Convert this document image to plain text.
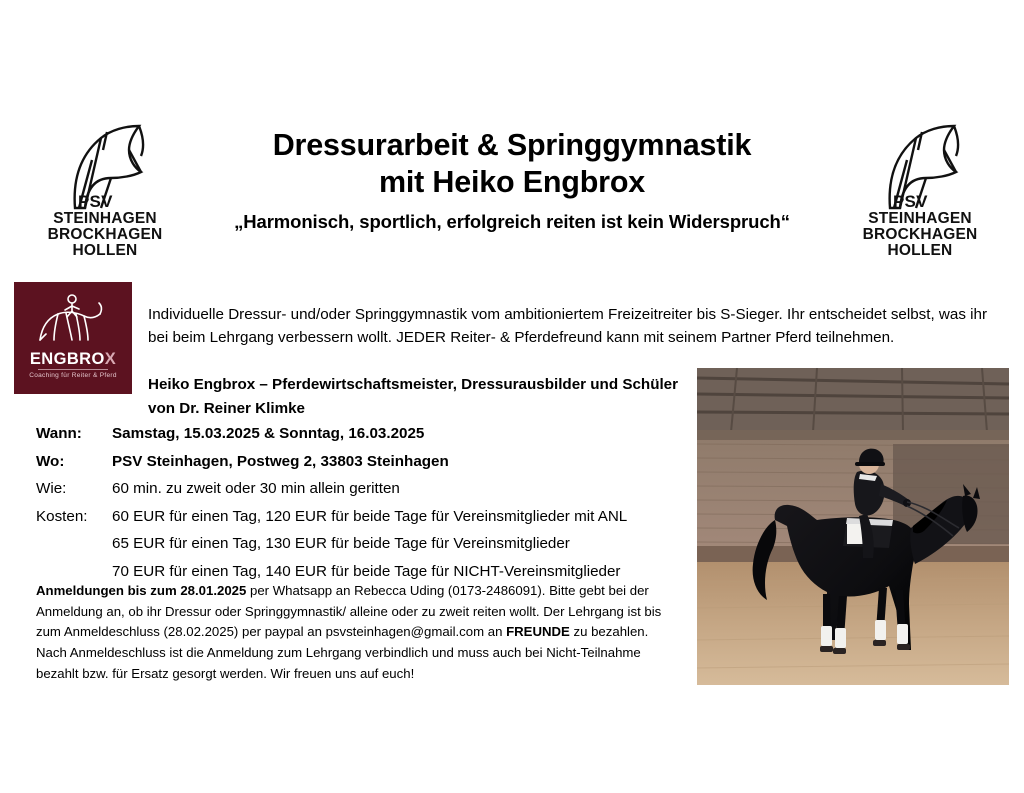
PSV
STEINHAGEN
BROCKHAGEN
HOLLEN
Dressurarbeit & Springgymnastik
mit Heiko Engbrox
„Harmonisch, sportlich, erfolgreich reiten ist kein Widerspruch“
PSV
STEINHAGEN
BROCKHAGEN
HOLLEN
ENGBROX
Coaching für Reiter & Pferd

Individuelle Dressur- und/oder Springgymnastik vom ambitioniertem Freizeitreiter bis S-Sieger. Ihr entscheidet selbst, was ihr bei beim Lehrgang verbessern wollt. JEDER Reiter- & Pferdefreund kann mit seinem Partner Pferd teilnehmen.

Heiko Engbrox – Pferdewirtschaftsmeister, Dressurausbilder und Schüler von Dr. Reiner Klimke

Wann:	Samstag, 15.03.2025 & Sonntag, 16.03.2025
Wo:	PSV Steinhagen, Postweg 2, 33803 Steinhagen
Wie:	60 min. zu zweit oder 30 min allein geritten
Kosten:	60 EUR für einen Tag, 120 EUR für beide Tage für Vereinsmitglieder mit ANL
	65 EUR für einen Tag, 130 EUR für beide Tage für Vereinsmitglieder
	70 EUR für einen Tag, 140 EUR für beide Tage für NICHT-Vereinsmitglieder

Anmeldungen bis zum 28.01.2025 per Whatsapp an Rebecca Uding (0173-2486091). Bitte gebt bei der Anmeldung an, ob ihr Dressur oder Springgymnastik/ alleine oder zu zweit reiten wollt. Der Lehrgang ist bis zum Anmeldeschluss (28.02.2025) per paypal an psvsteinhagen@gmail.com an FREUNDE zu bezahlen. Nach Anmeldeschluss ist die Anmeldung zum Lehrgang verbindlich und muss auch bei Nicht-Teilnahme bezahlt bzw. für Ersatz gesorgt werden. Wir freuen uns auf euch!
